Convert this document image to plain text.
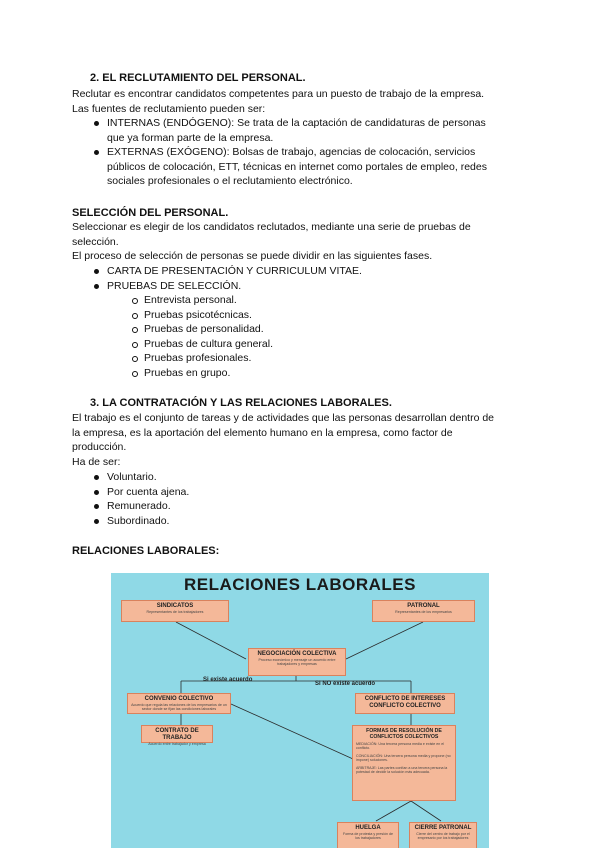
2. EL RECLUTAMIENTO DEL PERSONAL.
Reclutar es encontrar candidatos competentes para un puesto de trabajo de la empresa.
Las fuentes de reclutamiento pueden ser:
INTERNAS (ENDÓGENO): Se trata de la captación de candidaturas de personas
que ya forman parte de la empresa.
EXTERNAS (EXÓGENO): Bolsas de trabajo, agencias de colocación, servicios
públicos de colocación, ETT, técnicas en internet como portales de empleo, redes
sociales profesionales o el reclutamiento electrónico.
SELECCIÓN DEL PERSONAL.
Seleccionar es elegir de los candidatos reclutados, mediante una serie de pruebas de
selección.
El proceso de selección de personas se puede dividir en las siguientes fases.
CARTA DE PRESENTACIÓN Y CURRICULUM VITAE.
PRUEBAS DE SELECCIÓN.
Entrevista personal.
Pruebas psicotécnicas.
Pruebas de personalidad.
Pruebas de cultura general.
Pruebas profesionales.
Pruebas en grupo.
3. LA CONTRATACIÓN Y LAS RELACIONES LABORALES.
El trabajo es el conjunto de tareas y de actividades que las personas desarrollan dentro de
la empresa, es la aportación del elemento humano en la empresa, como factor de
producción.
Ha de ser:
Voluntario.
Por cuenta ajena.
Remunerado.
Subordinado.
RELACIONES LABORALES:
RELACIONES LABORALES
SINDICATOS
Representantes de los trabajadores
PATRONAL
Representantes de los empresarios
NEGOCIACIÓN COLECTIVA
Proceso económico y mensaje un acuerdo entre trabajadores y empresas
Si existe acuerdo
Si NO existe acuerdo
CONVENIO COLECTIVO
Acuerdo que regula las relaciones de los empresarios de un sector donde se fijan las condiciones laborales
CONTRATO DE TRABAJO
Acuerdo entre trabajador y empresa
CONFLICTO DE INTERESES
CONFLICTO COLECTIVO
FORMAS DE RESOLUCIÓN DE CONFLICTOS COLECTIVOS
MEDIACIÓN: Una tercera persona media e existe en el conflicto.
CONCILIACIÓN: Una tercera persona media y propone (no impone) soluciones.
ARBITRAJE: Las partes confían a una tercera persona la potestad de decidir la solución más adecuada.
HUELGA
Forma de protesta y presión de los trabajadores
CIERRE PATRONAL
Cierre del centro de trabajo por el empresario por los trabajadores
